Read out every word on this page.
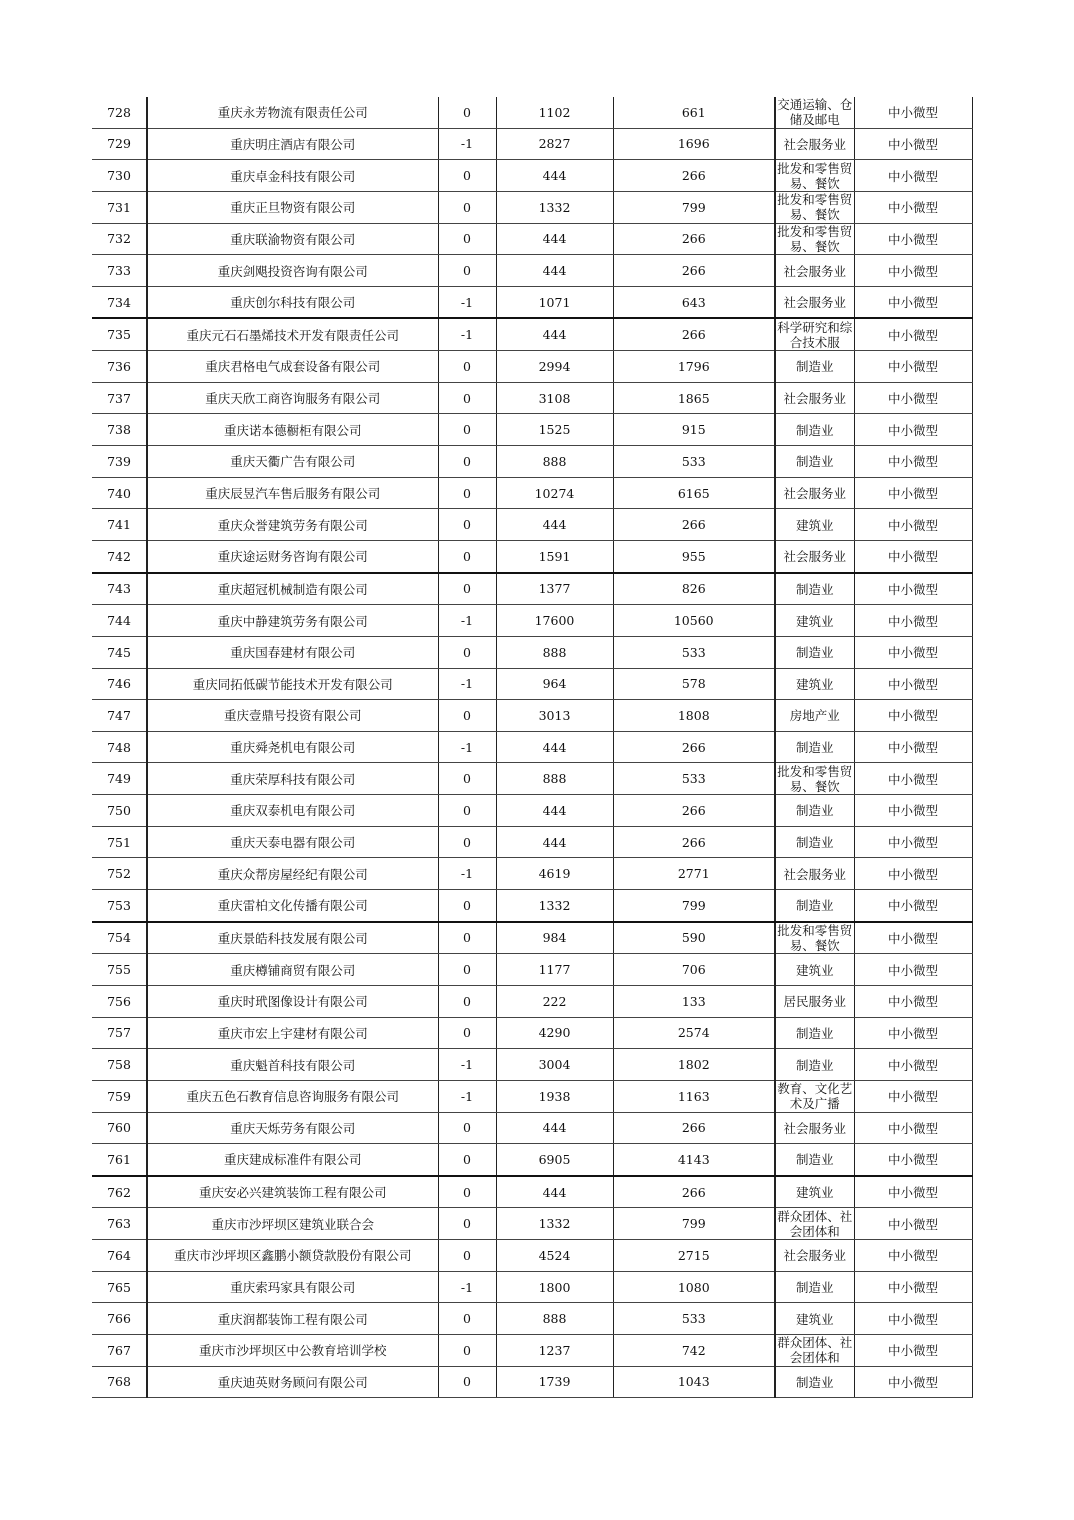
728	重庆永芳物流有限责任公司	0	1102	661	交通运输、仓储及邮电	中小微型
729	重庆明庄酒店有限公司	-1	2827	1696	社会服务业	中小微型
730	重庆卓金科技有限公司	0	444	266	批发和零售贸易、餐饮	中小微型
731	重庆正旦物资有限公司	0	1332	799	批发和零售贸易、餐饮	中小微型
732	重庆联渝物资有限公司	0	444	266	批发和零售贸易、餐饮	中小微型
733	重庆剑飓投资咨询有限公司	0	444	266	社会服务业	中小微型
734	重庆创尔科技有限公司	-1	1071	643	社会服务业	中小微型
735	重庆元石石墨烯技术开发有限责任公司	-1	444	266	科学研究和综合技术服	中小微型
736	重庆君格电气成套设备有限公司	0	2994	1796	制造业	中小微型
737	重庆天欣工商咨询服务有限公司	0	3108	1865	社会服务业	中小微型
738	重庆诺本德橱柜有限公司	0	1525	915	制造业	中小微型
739	重庆天衢广告有限公司	0	888	533	制造业	中小微型
740	重庆辰昱汽车售后服务有限公司	0	10274	6165	社会服务业	中小微型
741	重庆众誉建筑劳务有限公司	0	444	266	建筑业	中小微型
742	重庆途运财务咨询有限公司	0	1591	955	社会服务业	中小微型
743	重庆超冠机械制造有限公司	0	1377	826	制造业	中小微型
744	重庆中静建筑劳务有限公司	-1	17600	10560	建筑业	中小微型
745	重庆国春建材有限公司	0	888	533	制造业	中小微型
746	重庆同拓低碳节能技术开发有限公司	-1	964	578	建筑业	中小微型
747	重庆壹鼎号投资有限公司	0	3013	1808	房地产业	中小微型
748	重庆舜尧机电有限公司	-1	444	266	制造业	中小微型
749	重庆荣厚科技有限公司	0	888	533	批发和零售贸易、餐饮	中小微型
750	重庆双泰机电有限公司	0	444	266	制造业	中小微型
751	重庆天泰电器有限公司	0	444	266	制造业	中小微型
752	重庆众帮房屋经纪有限公司	-1	4619	2771	社会服务业	中小微型
753	重庆雷柏文化传播有限公司	0	1332	799	制造业	中小微型
754	重庆景皓科技发展有限公司	0	984	590	批发和零售贸易、餐饮	中小微型
755	重庆樽铺商贸有限公司	0	1177	706	建筑业	中小微型
756	重庆时玳图像设计有限公司	0	222	133	居民服务业	中小微型
757	重庆市宏上宇建材有限公司	0	4290	2574	制造业	中小微型
758	重庆魁首科技有限公司	-1	3004	1802	制造业	中小微型
759	重庆五色石教育信息咨询服务有限公司	-1	1938	1163	教育、文化艺术及广播	中小微型
760	重庆天烁劳务有限公司	0	444	266	社会服务业	中小微型
761	重庆建成标准件有限公司	0	6905	4143	制造业	中小微型
762	重庆安必兴建筑装饰工程有限公司	0	444	266	建筑业	中小微型
763	重庆市沙坪坝区建筑业联合会	0	1332	799	群众团体、社会团体和	中小微型
764	重庆市沙坪坝区鑫鹏小额贷款股份有限公司	0	4524	2715	社会服务业	中小微型
765	重庆索玛家具有限公司	-1	1800	1080	制造业	中小微型
766	重庆润都装饰工程有限公司	0	888	533	建筑业	中小微型
767	重庆市沙坪坝区中公教育培训学校	0	1237	742	群众团体、社会团体和	中小微型
768	重庆迪英财务顾问有限公司	0	1739	1043	制造业	中小微型
